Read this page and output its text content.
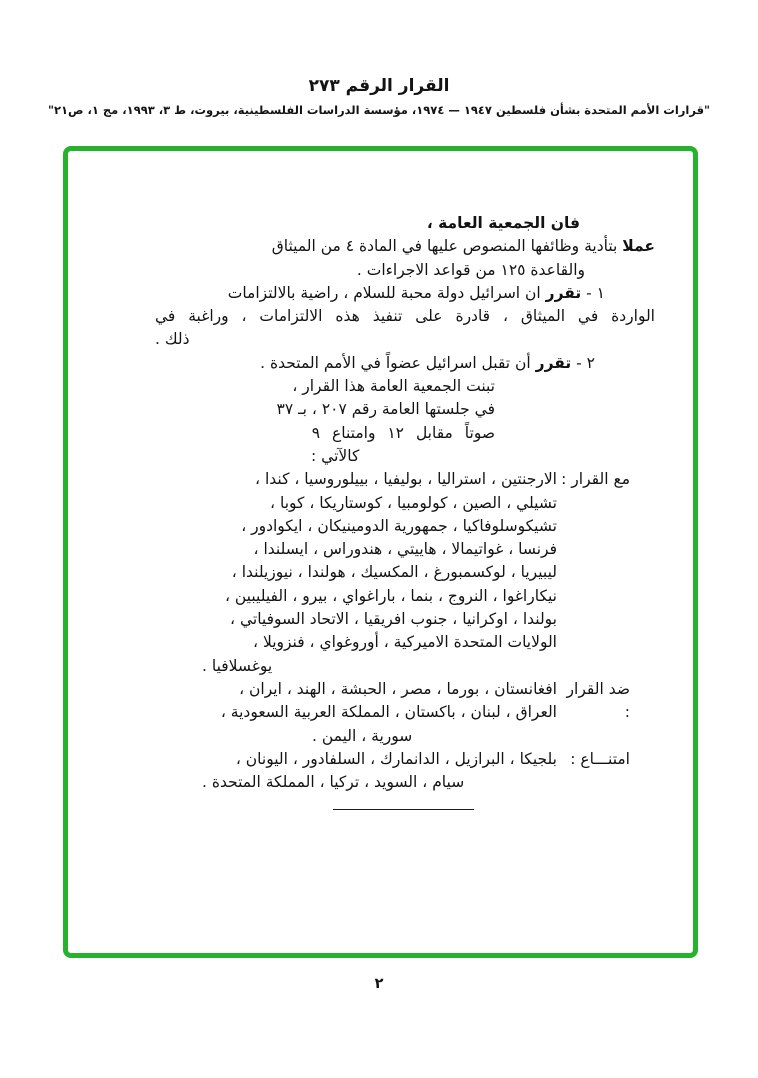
القرار الرقم ٢٧٣
"قرارات الأمم المتحدة بشأن فلسطين ١٩٤٧ — ١٩٧٤، مؤسسة الدراسات الفلسطينية، بيروت، ط ٣، ١٩٩٣، مج ١، ص٢١"
فان الجمعية العامة ،
عملا بتأدية وظائفها المنصوص عليها في المادة ٤ من الميثاق
والقاعدة ١٢٥ من قواعد الاجراءات .
١ - تقرر ان اسرائيل دولة محبة للسلام ، راضية بالالتزامات
الواردة في الميثاق ، قادرة على تنفيذ هذه الالتزامات ، وراغبة في
ذلك .
٢ - تقرر أن تقبل اسرائيل عضواً في الأمم المتحدة .
تبنت الجمعية العامة هذا القرار ،
في جلستها العامة رقم ٢٠٧ ، بـ ٣٧
صوتاً مقابل ١٢ وامتناع ٩
كالآتي :
مع القرار :
الارجنتين ، استراليا ، بوليفيا ، بييلوروسيا ، كندا ،
تشيلي ، الصين ، كولومبيا ، كوستاريكا ، كوبا ،
تشيكوسلوفاكيا ، جمهورية الدومينيكان ، ايكوادور ،
فرنسا ، غواتيمالا ، هاييتي ، هندوراس ، ايسلندا ،
ليبيريا ، لوكسمبورغ ، المكسيك ، هولندا ، نيوزيلندا ،
نيكاراغوا ، النروج ، بنما ، باراغواي ، بيرو ، الفيليبين ،
بولندا ، اوكرانيا ، جنوب افريقيا ، الاتحاد السوفياتي ،
الولايات المتحدة الاميركية ، أوروغواي ، فنزويلا ،
يوغسلافيا .
ضد القرار :
افغانستان ، بورما ، مصر ، الحبشة ، الهند ، ايران ،
العراق ، لبنان ، باكستان ، المملكة العربية السعودية ،
سورية ، اليمن .
امتنـــاع :
بلجيكا ، البرازيل ، الدانمارك ، السلفادور ، اليونان ،
سيام ، السويد ، تركيا ، المملكة المتحدة .
٢
